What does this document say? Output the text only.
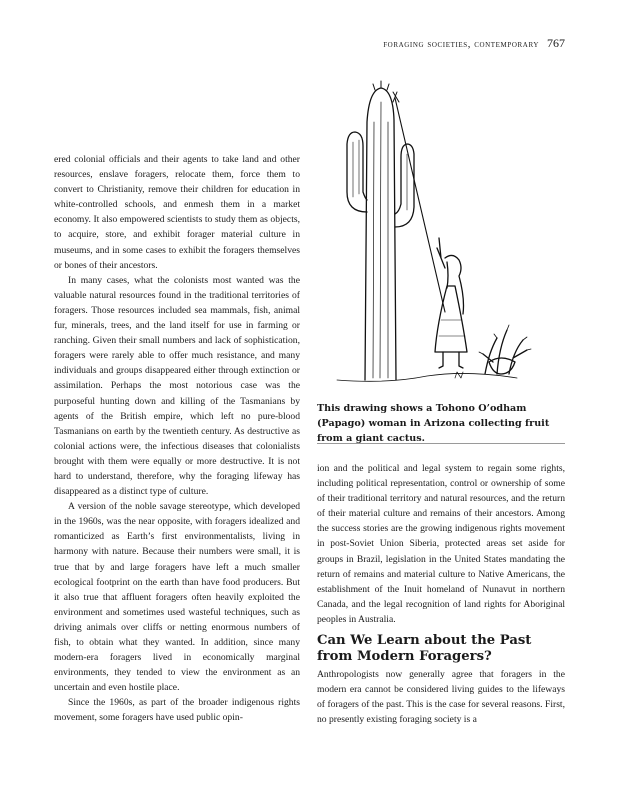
foraging societies, contemporary 767
This drawing shows a Tohono O’odham (Papago) woman in Arizona collecting fruit from a giant cactus.

ered colonial officials and their agents to take land and other resources, enslave foragers, relocate them, force them to convert to Christianity, remove their children for education in white-controlled schools, and enmesh them in a market economy. It also empowered scientists to study them as objects, to acquire, store, and exhibit forager material culture in museums, and in some cases to exhibit the foragers themselves or bones of their ancestors.

In many cases, what the colonists most wanted was the valuable natural resources found in the traditional territories of foragers. Those resources included sea mammals, fish, animal fur, minerals, trees, and the land itself for use in farming or ranching. Given their small numbers and lack of sophistication, foragers were rarely able to offer much resistance, and many individuals and groups disappeared either through extinction or assimilation. Perhaps the most notorious case was the purposeful hunting down and killing of the Tasmanians by agents of the British empire, which left no pure-blood Tasmanians on earth by the twentieth century. As destructive as colonial actions were, the infectious diseases that colonialists brought with them were equally or more destructive. It is not hard to understand, therefore, why the foraging lifeway has disappeared as a distinct type of culture.

A version of the noble savage stereotype, which developed in the 1960s, was the near opposite, with foragers idealized and romanticized as Earth’s first environmentalists, living in harmony with nature. Because their numbers were small, it is true that by and large foragers have left a much smaller ecological footprint on the earth than have food producers. But it also true that affluent foragers often heavily exploited the environment and sometimes used wasteful techniques, such as driving animals over cliffs or netting enormous numbers of fish, to obtain what they wanted. In addition, since many modern-era foragers lived in economically marginal environments, they tended to view the environment as an uncertain and even hostile place.

Since the 1960s, as part of the broader indigenous rights movement, some foragers have used public opin-

ion and the political and legal system to regain some rights, including political representation, control or ownership of some of their traditional territory and natural resources, and the return of their material culture and remains of their ancestors. Among the success stories are the growing indigenous rights movement in post-Soviet Union Siberia, protected areas set aside for groups in Brazil, legislation in the United States mandating the return of remains and material culture to Native Americans, the establishment of the Inuit homeland of Nunavut in northern Canada, and the legal recognition of land rights for Aboriginal peoples in Australia.

Can We Learn about the Past from Modern Foragers?

Anthropologists now generally agree that foragers in the modern era cannot be considered living guides to the lifeways of foragers of the past. This is the case for several reasons. First, no presently existing foraging society is a
